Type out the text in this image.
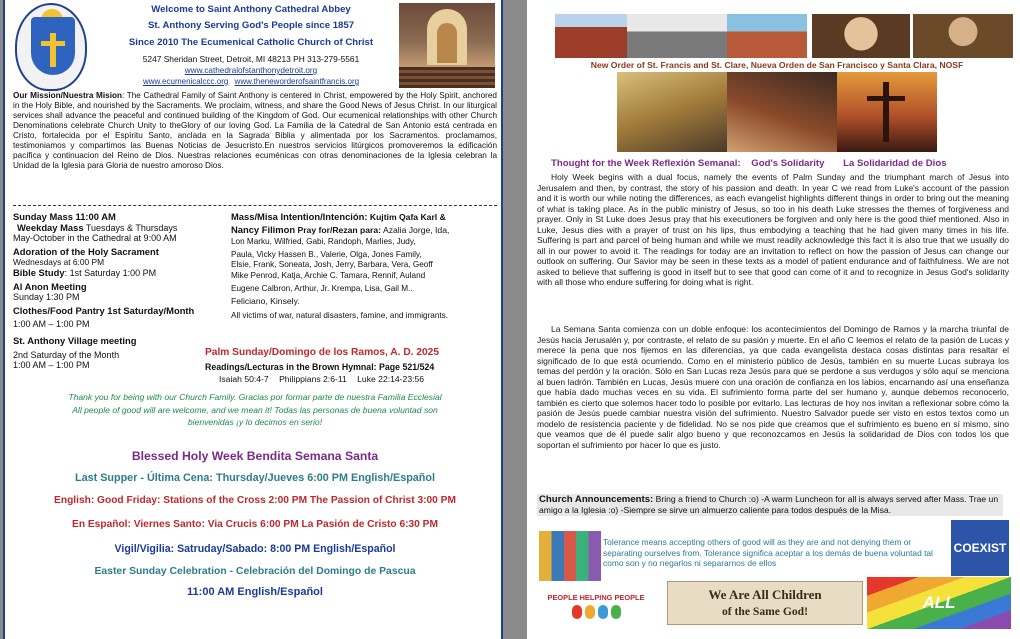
Welcome to Saint Anthony Cathedral Abbey
St. Anthony Serving God's People since 1857
Since 2010 The Ecumenical Catholic Church of Christ
5247 Sheridan Street, Detroit, MI 48213 PH 313-279-5561
www.cathedralofstanthonydetroit.org
www.ecumenicalccc.org www.theneworderofsaintfrancis.org
Our Mission/Nuestra Mision: The Cathedral Family of Saint Anthony is centered in Christ, empowered by the Holy Spirit, anchored in the Holy Bible, and nourished by the Sacraments. We proclaim, witness, and share the Good News of Jesus Christ. In our liturgical services shall advance the peaceful and continued building of the Kingdom of God. Our ecumenical relationships with other Church Denominations celebrate Church Unity to theGlory of our loving God. La Familia de la Catedral de San Antonio está centrada en Cristo, fortalecida por el Espíritu Santo, anclada en la Sagrada Biblia y alimentada por los Sacramentos. proclamamos, testimoniamos y compartimos las Buenas Noticias de Jesucristo.En nuestros servicios litúrgicos promoveremos la edificación pacífica y continuacion del Reino de Dios. Nuestras relaciones ecuménicas con otras denominaciones de la Iglesia celebran la Unidad de la Iglesia para Gloria de nuestro amoroso Dios.
Sunday Mass 11:00 AM
Weekday Mass Tuesdays & Thursdays
May-October in the Cathedral at 9:00 AM
Adoration of the Holy Sacrament
Wednesdays at 6:00 PM
Bible Study: 1st Saturday 1:00 PM
Al Anon Meeting
Sunday 1:30 PM
Clothes/Food Pantry 1st Saturday/Month
1:00 AM – 1:00 PM
St. Anthony Village meeting
2nd Saturday of the Month
1:00 AM – 1:00 PM
Mass/Misa Intention/Intención: Kujtim Qafa Karl &
Nancy Filimon Pray for/Rezan para: Azalia Jorge, Ida,
Lon Marku, Wilfried, Gabi, Randoph, Marlies, Judy,
Paula, Vicky Hassen B., Valerie, Olga, Jones Family,
Elsie, Frank, Soneata, Josh, Jerry, Barbara, Vera, Geoff
Mike Penrod, Katja, Archie C. Tamara, Rennif, Auland
Eugene Calbron, Arthur, Jr. Krempa, Lisa, Gail M..
Feliciano, Kinsely.
All victims of war, natural disasters, famine, and immigrants.
Palm Sunday/Domingo de los Ramos, A. D. 2025
Readings/Lecturas in the Brown Hymnal: Page 521/524
Isaiah 50:4-7 Philippians 2:6-11 Luke 22:14-23:56
Thank you for being with our Church Family. Gracias por formar parte de nuestra Familia Ecclesial
All people of good will are welcome, and we mean it! Todas las personas de buena voluntad son
bienvenidas ¡y lo decimos en serio!
Blessed Holy Week Bendita Semana Santa
Last Supper - Última Cena: Thursday/Jueves 6:00 PM English/Español
English: Good Friday: Stations of the Cross 2:00 PM The Passion of Christ 3:00 PM
En Español: Viernes Santo: Via Crucis 6:00 PM La Pasión de Cristo 6:30 PM
Vigil/Vigilia: Satruday/Sabado: 8:00 PM English/Español
Easter Sunday Celebration - Celebración del Domingo de Pascua
11:00 AM English/Español
New Order of St. Francis and St. Clare, Nueva Orden de San Francisco y Santa Clara, NOSF
Thought for the Week Reflexión Semanal: God's Solidarity La Solidaridad de Dios
Holy Week begins with a dual focus, namely the events of Palm Sunday and the triumphant march of Jesus into Jerusalem and then, by contrast, the story of his passion and death. In year C we read from Luke's account of the passion and it is worth our while noting the differences, as each evangelist highlights different things in order to bring out the meaning of what is taking place. As in the public ministry of Jesus, so too in his death Luke stresses the themes of forgiveness and prayer. Only in St Luke does Jesus pray that his executioners be forgiven and only here is the good thief mentioned. Also in Luke, Jesus dies with a prayer of trust on his lips, thus embodying a teaching that he had given many times in his life. Suffering is part and parcel of being human and while we must readily acknowledge this fact it is also true that we usually do all in our power to avoid it. The readings for today are an invitation to reflect on how the passion of Jesus can change our outlook on suffering. Our Savior may be seen in these texts as a model of patient endurance and of faithfulness. We are not asked to believe that suffering is good in itself but to see that good can come of it and to recognize in Jesus God's solidarity with all those who endure suffering for doing what is right.
La Semana Santa comienza con un doble enfoque: los acontecimientos del Domingo de Ramos y la marcha triunfal de Jesús hacia Jerusalén y, por contraste, el relato de su pasión y muerte. En el año C leemos el relato de la pasión de Lucas y merece la pena que nos fijemos en las diferencias, ya que cada evangelista destaca cosas distintas para resaltar el significado de lo que está ocurriendo. Como en el ministerio público de Jesús, también en su muerte Lucas subraya los temas del perdón y la oración. Sólo en San Lucas reza Jesús para que se perdone a sus verdugos y sólo aquí se menciona al buen ladrón. También en Lucas, Jesús muere con una oración de confianza en los labios, encarnando así una enseñanza que había dado muchas veces en su vida. El sufrimiento forma parte del ser humano y, aunque debemos reconocerlo, también es cierto que solemos hacer todo lo posible por evitarlo. Las lecturas de hoy nos invitan a reflexionar sobre cómo la pasión de Jesús puede cambiar nuestra visión del sufrimiento. Nuestro Salvador puede ser visto en estos textos como un modelo de resistencia paciente y de fidelidad. No se nos pide que creamos que el sufrimiento es bueno en sí mismo, sino que veamos que de él puede salir algo bueno y que reconozcamos en Jesús la solidaridad de Dios con todos los que soportan el sufrimiento por hacer lo que es justo.
Church Announcements: Bring a friend to Church :o) -A warm Luncheon for all is always served after Mass. Trae un amigo a la Iglesia :o) -Siempre se sirve un almuerzo caliente para todos después de la Misa.
Tolerance means accepting others of good will as they are and not denying them or separating ourselves from. Tolerance significa aceptar a los demás de buena voluntad tal como son y no negarlos ni separarnos de ellos
COEXIST
PEOPLE HELPING PEOPLE	We Are All Children
of the Same God!	ALL
